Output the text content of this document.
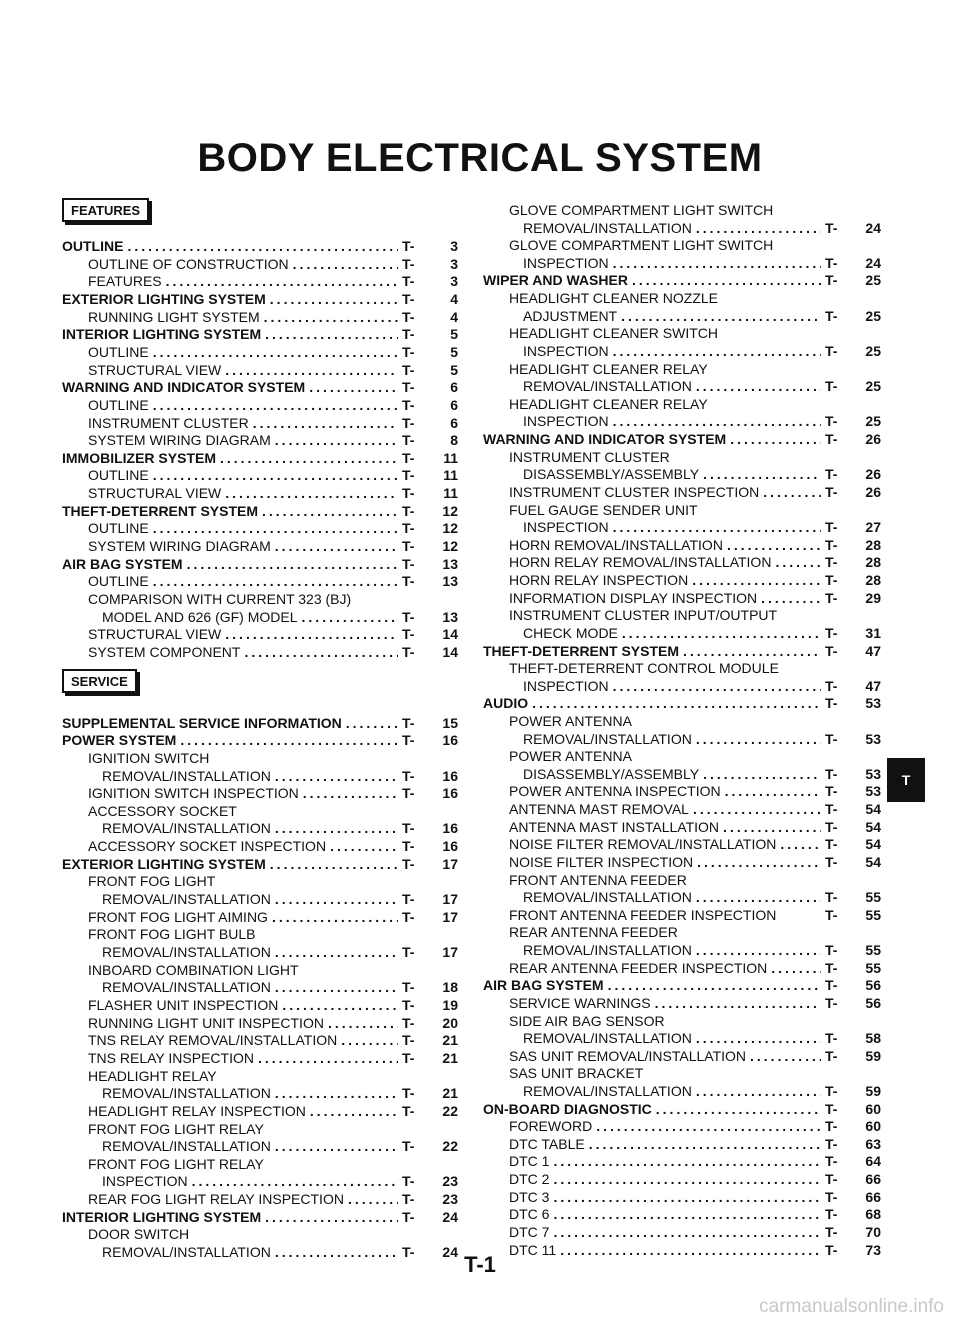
BODY ELECTRICAL SYSTEM
FEATURES
SERVICE
OUTLINE .....	T-	3
OUTLINE OF CONSTRUCTION .....	T-	3
FEATURES .....	T-	3
EXTERIOR LIGHTING SYSTEM .....	T-	4
RUNNING LIGHT SYSTEM .....	T-	4
INTERIOR LIGHTING SYSTEM .....	T-	5
OUTLINE .....	T-	5
STRUCTURAL VIEW .....	T-	5
WARNING AND INDICATOR SYSTEM .....	T-	6
OUTLINE .....	T-	6
INSTRUMENT CLUSTER .....	T-	6
SYSTEM WIRING DIAGRAM .....	T-	8
IMMOBILIZER SYSTEM .....	T- 11
OUTLINE .....	T- 11
STRUCTURAL VIEW .....	T- 11
THEFT-DETERRENT SYSTEM .....	T- 12
OUTLINE .....	T- 12
SYSTEM WIRING DIAGRAM .....	T- 12
AIR BAG SYSTEM .....	T- 13
OUTLINE .....	T- 13
COMPARISON WITH CURRENT 323 (BJ)
MODEL AND 626 (GF) MODEL .....	T- 13
STRUCTURAL VIEW .....	T- 14
SYSTEM COMPONENT .....	T- 14
SUPPLEMENTAL SERVICE INFORMATION .....	T- 15
POWER SYSTEM .....	T- 16
IGNITION SWITCH
REMOVAL/INSTALLATION .....	T- 16
IGNITION SWITCH INSPECTION .....	T- 16
ACCESSORY SOCKET
REMOVAL/INSTALLATION .....	T- 16
ACCESSORY SOCKET INSPECTION .....	T- 16
EXTERIOR LIGHTING SYSTEM .....	T- 17
FRONT FOG LIGHT
REMOVAL/INSTALLATION .....	T- 17
FRONT FOG LIGHT AIMING .....	T- 17
FRONT FOG LIGHT BULB
REMOVAL/INSTALLATION .....	T- 17
INBOARD COMBINATION LIGHT
REMOVAL/INSTALLATION .....	T- 18
FLASHER UNIT INSPECTION .....	T- 19
RUNNING LIGHT UNIT INSPECTION .....	T- 20
TNS RELAY REMOVAL/INSTALLATION .....	T- 21
TNS RELAY INSPECTION .....	T- 21
HEADLIGHT RELAY
REMOVAL/INSTALLATION .....	T- 21
HEADLIGHT RELAY INSPECTION .....	T- 22
FRONT FOG LIGHT RELAY
REMOVAL/INSTALLATION .....	T- 22
FRONT FOG LIGHT RELAY
INSPECTION .....	T- 23
REAR FOG LIGHT RELAY INSPECTION .....	T- 23
INTERIOR LIGHTING SYSTEM .....	T- 24
DOOR SWITCH
REMOVAL/INSTALLATION .....	T- 24
GLOVE COMPARTMENT LIGHT SWITCH
REMOVAL/INSTALLATION .....	T- 24
GLOVE COMPARTMENT LIGHT SWITCH
INSPECTION .....	T- 24
WIPER AND WASHER .....	T- 25
HEADLIGHT CLEANER NOZZLE
ADJUSTMENT .....	T- 25
HEADLIGHT CLEANER SWITCH
INSPECTION .....	T- 25
HEADLIGHT CLEANER RELAY
REMOVAL/INSTALLATION .....	T- 25
HEADLIGHT CLEANER RELAY
INSPECTION .....	T- 25
WARNING AND INDICATOR SYSTEM .....	T- 26
INSTRUMENT CLUSTER
DISASSEMBLY/ASSEMBLY .....	T- 26
INSTRUMENT CLUSTER INSPECTION .....	T- 26
FUEL GAUGE SENDER UNIT
INSPECTION .....	T- 27
HORN REMOVAL/INSTALLATION .....	T- 28
HORN RELAY REMOVAL/INSTALLATION .....	T- 28
HORN RELAY INSPECTION .....	T- 28
INFORMATION DISPLAY INSPECTION .....	T- 29
INSTRUMENT CLUSTER INPUT/OUTPUT
CHECK MODE .....	T- 31
THEFT-DETERRENT SYSTEM .....	T- 47
THEFT-DETERRENT CONTROL MODULE
INSPECTION .....	T- 47
AUDIO .....	T- 53
POWER ANTENNA
REMOVAL/INSTALLATION .....	T- 53
POWER ANTENNA
DISASSEMBLY/ASSEMBLY .....	T- 53
POWER ANTENNA INSPECTION .....	T- 53
ANTENNA MAST REMOVAL .....	T- 54
ANTENNA MAST INSTALLATION .....	T- 54
NOISE FILTER REMOVAL/INSTALLATION .....	T- 54
NOISE FILTER INSPECTION .....	T- 54
FRONT ANTENNA FEEDER
REMOVAL/INSTALLATION .....	T- 55
FRONT ANTENNA FEEDER INSPECTION	T- 55
REAR ANTENNA FEEDER
REMOVAL/INSTALLATION .....	T- 55
REAR ANTENNA FEEDER INSPECTION .....	T- 55
AIR BAG SYSTEM .....	T- 56
SERVICE WARNINGS .....	T- 56
SIDE AIR BAG SENSOR
REMOVAL/INSTALLATION .....	T- 58
SAS UNIT REMOVAL/INSTALLATION .....	T- 59
SAS UNIT BRACKET
REMOVAL/INSTALLATION .....	T- 59
ON-BOARD DIAGNOSTIC .....	T- 60
FOREWORD .....	T- 60
DTC TABLE .....	T- 63
DTC 1 .....	T- 64
DTC 2 .....	T- 66
DTC 3 .....	T- 66
DTC 6 .....	T- 68
DTC 7 .....	T- 70
DTC 11 .....	T- 73
T
T-1
carmanualsonline.info
